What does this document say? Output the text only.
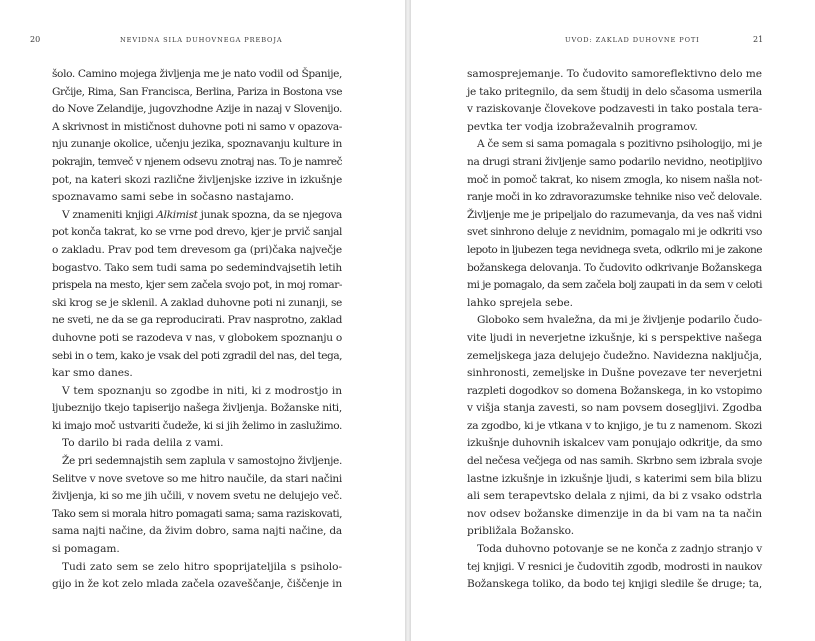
20	NEVIDNA SILA DUHOVNEGA PREBOJA
šolo. Camino mojega življenja me je nato vodil od Španije,
Grčije, Rima, San Francisca, Berlina, Pariza in Bostona vse
do Nove Zelandije, jugovzhodne Azije in nazaj v Slovenijo.
A skrivnost in mističnost duhovne poti ni samo v opazova-
nju zunanje okolice, učenju jezika, spoznavanju kulture in
pokrajin, temveč v njenem odsevu znotraj nas. To je namreč
pot, na kateri skozi različne življenjske izzive in izkušnje
spoznavamo sami sebe in sočasno nastajamo.
V znameniti knjigi Alkimist junak spozna, da se njegova
pot konča takrat, ko se vrne pod drevo, kjer je prvič sanjal
o zakladu. Prav pod tem drevesom ga (pri)čaka največje
bogastvo. Tako sem tudi sama po sedemindvajsetih letih
prispela na mesto, kjer sem začela svojo pot, in moj romar-
ski krog se je sklenil. A zaklad duhovne poti ni zunanji, se
ne sveti, ne da se ga reproducirati. Prav nasprotno, zaklad
duhovne poti se razodeva v nas, v globokem spoznanju o
sebi in o tem, kako je vsak del poti zgradil del nas, del tega,
kar smo danes.
V tem spoznanju so zgodbe in niti, ki z modrostjo in
ljubeznijo tkejo tapiserijo našega življenja. Božanske niti,
ki imajo moč ustvariti čudeže, ki si jih želimo in zaslužimo.
To darilo bi rada delila z vami.
Že pri sedemnajstih sem zaplula v samostojno življenje.
Selitve v nove svetove so me hitro naučile, da stari načini
življenja, ki so me jih učili, v novem svetu ne delujejo več.
Tako sem si morala hitro pomagati sama; sama raziskovati,
sama najti načine, da živim dobro, sama najti načine, da
si pomagam.
Tudi zato sem se zelo hitro spoprijateljila s psiholo-
gijo in že kot zelo mlada začela ozaveščanje, čiščenje in
UVOD: ZAKLAD DUHOVNE POTI	21
samosprejemanje. To čudovito samoreflektivno delo me
je tako pritegnilo, da sem študij in delo sčasoma usmerila
v raziskovanje človekove podzavesti in tako postala tera-
pevtka ter vodja izobraževalnih programov.
A če sem si sama pomagala s pozitivno psihologijo, mi je
na drugi strani življenje samo podarilo nevidno, neotipljivo
moč in pomoč takrat, ko nisem zmogla, ko nisem našla not-
ranje moči in ko zdravorazumske tehnike niso več delovale.
Življenje me je pripeljalo do razumevanja, da ves naš vidni
svet sinhrono deluje z nevidnim, pomagalo mi je odkriti vso
lepoto in ljubezen tega nevidnega sveta, odkrilo mi je zakone
božanskega delovanja. To čudovito odkrivanje Božanskega
mi je pomagalo, da sem začela bolj zaupati in da sem v celoti
lahko sprejela sebe.
Globoko sem hvaležna, da mi je življenje podarilo čudo-
vite ljudi in neverjetne izkušnje, ki s perspektive našega
zemeljskega jaza delujejo čudežno. Navidezna naključja,
sinhronosti, zemeljske in Dušne povezave ter neverjetni
razpleti dogodkov so domena Božanskega, in ko vstopimo
v višja stanja zavesti, so nam povsem dosegljivi. Zgodba
za zgodbo, ki je vtkana v to knjigo, je tu z namenom. Skozi
izkušnje duhovnih iskalcev vam ponujajo odkritje, da smo
del nečesa večjega od nas samih. Skrbno sem izbrala svoje
lastne izkušnje in izkušnje ljudi, s katerimi sem bila blizu
ali sem terapevtsko delala z njimi, da bi z vsako odstrla
nov odsev božanske dimenzije in da bi vam na ta način
približala Božansko.
Toda duhovno potovanje se ne konča z zadnjo stranjo v
tej knjigi. V resnici je čudovitih zgodb, modrosti in naukov
Božanskega toliko, da bodo tej knjigi sledile še druge; ta,
